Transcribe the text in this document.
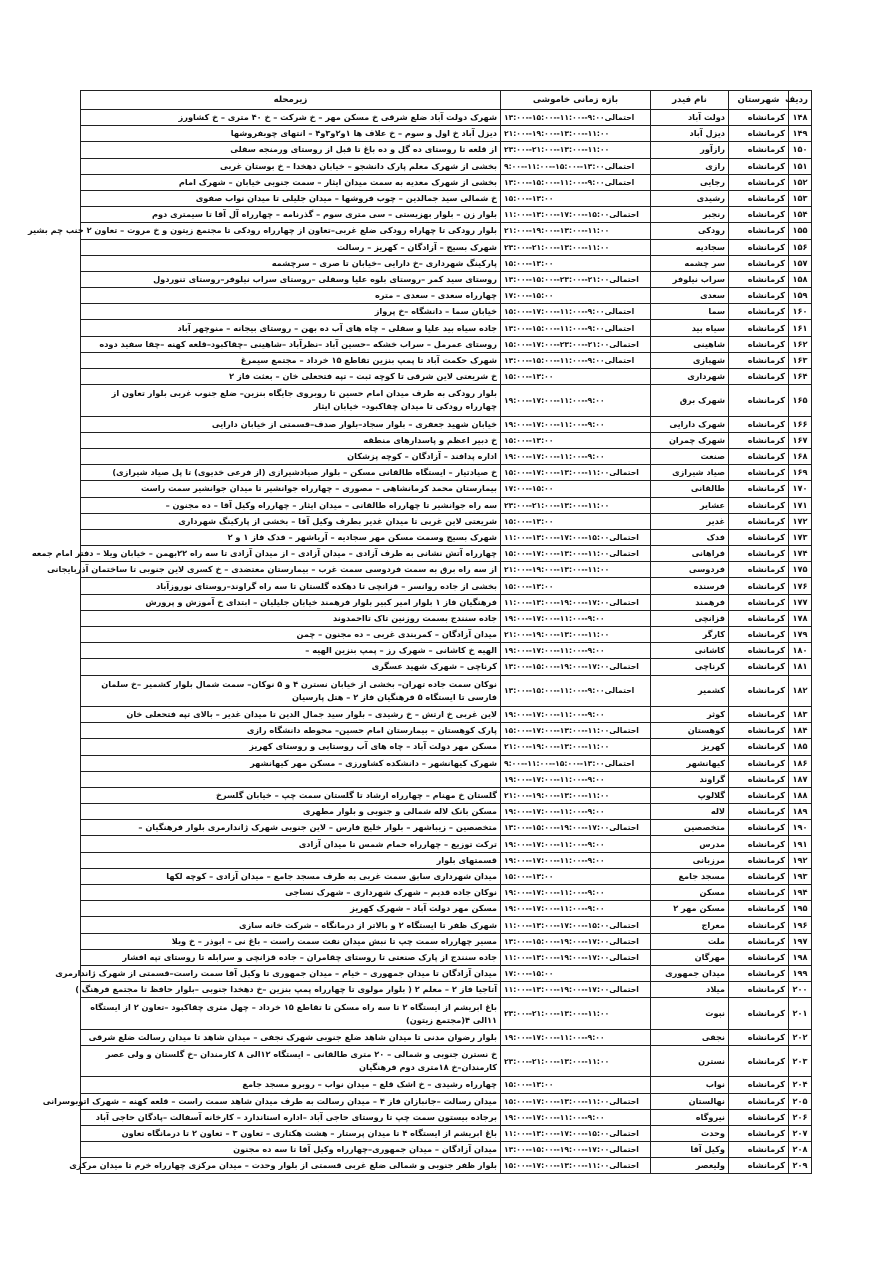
ردیف	شهرستان	نام فیدر	بازه زمانی خاموشی	زیرمحله
۱۴۸	کرمانشاه	دولت آباد	احتمالی۹:۰۰--۱۱:۰۰--۱۵:۰۰--۱۳:۰۰	شهرک دولت آباد ضلع شرقی خ مسکن مهر – خ شرکت – خ ۴۰ متری – خ کشاورز
۱۴۹	کرمانشاه	دیزل آباد	۲۱:۰۰--۱۹:۰۰--۱۳:۰۰--۱۱:۰۰	دیزل آباد خ اول و سوم – خ علاف ها ۱و۲و۳و۴ – انتهای چوبفروشها
۱۵۰	کرمانشاه	رازآور	۲۳:۰۰--۲۱:۰۰--۱۳:۰۰--۱۱:۰۰	از قلعه تا روستای ده گل و ده باغ تا قبل از روستای ورمنجه سفلی
۱۵۱	کرمانشاه	رازی	احتمالی۱۳:۰۰--۱۵:۰۰--۱۱:۰۰--۹:۰۰	بخشی از شهرک معلم پارک دانشجو – خیابان دهخدا – خ بوستان غربی
۱۵۲	کرمانشاه	رجایی	احتمالی۹:۰۰--۱۱:۰۰--۱۵:۰۰--۱۳:۰۰	بخشی از شهرک معدیه به سمت میدان ایثار – سمت جنوبی خیابان – شهرک امام
۱۵۳	کرمانشاه	رشیدی	۱۵:۰۰--۱۳:۰۰	خ شمالی سید جمالدین – چوب فروشها – میدان جلیلی تا میدان نواب صفوی
۱۵۴	کرمانشاه	رنجبر	احتمالی۱۵:۰۰--۱۷:۰۰--۱۳:۰۰--۱۱:۰۰	بلوار زن – بلوار بهزیستی – سی متری سوم – گذرنامه – چهارراه آل آقا تا سیمتری دوم
۱۵۵	کرمانشاه	رودکی	۲۱:۰۰--۱۹:۰۰--۱۳:۰۰--۱۱:۰۰	بلوار رودکی تا چهاراه رودکی ضلع غربی–تعاون از چهارراه رودکی تا مجتمع زیتون و خ مروت – تعاون ۲ جنب چم بشیر
۱۵۶	کرمانشاه	سجادیه	۲۳:۰۰--۲۱:۰۰--۱۳:۰۰--۱۱:۰۰	شهرک بسیج – آزادگان – کهریز – رسالت
۱۵۷	کرمانشاه	سر چشمه	۱۵:۰۰--۱۳:۰۰	پارکینگ شهرداری –خ دارایی –خیابان تا صری – سرچشمه
۱۵۸	کرمانشاه	سراب نیلوفر	احتمالی۲۱:۰۰--۲۳:۰۰--۱۵:۰۰--۱۳:۰۰	روستای سید کمر –روستای بلوه علیا وسفلی –روستای سراب نیلوفر–روستای تنوردول
۱۵۹	کرمانشاه	سعدی	۱۷:۰۰--۱۵:۰۰	چهارراه سعدی – سعدی – متره
۱۶۰	کرمانشاه	سما	احتمالی۹:۰۰--۱۱:۰۰--۱۷:۰۰--۱۵:۰۰	خیابان سما – دانشگاه –خ پرواز
۱۶۱	کرمانشاه	سیاه بید	احتمالی۹:۰۰--۱۱:۰۰--۱۵:۰۰--۱۳:۰۰	جاده سیاه بید علیا و سفلی – چاه های آب ده بهن – روستای بیجانه – منوچهر آباد
۱۶۲	کرمانشاه	شاهینی	احتمالی۲۱:۰۰--۲۳:۰۰--۱۷:۰۰--۱۵:۰۰	روستای عمرمل – سراب خشکه –حسین آباد –نظرآباد –شاهینی –چقاکبود–قلعه کهنه –چقا سفید دوده
۱۶۳	کرمانشاه	شهبازی	احتمالی۹:۰۰--۱۱:۰۰--۱۵:۰۰--۱۳:۰۰	شهرک حکمت آباد تا پمپ بنزین تقاطع ۱۵ خرداد – مجتمع سیمرغ
۱۶۴	کرمانشاه	شهرداری	۱۵:۰۰--۱۳:۰۰	خ شریعتی لاین شرقی تا کوچه ثبت – تپه فتحعلی خان – بعثت فاز ۲
۱۶۵	کرمانشاه	شهرک برق	۱۹:۰۰--۱۷:۰۰--۱۱:۰۰--۹:۰۰	بلوار رودکی به طرف میدان امام حسین تا روبروی جایگاه بنزین– ضلع جنوب غربی بلوار تعاون از چهارراه رودکی تا میدان چقاکبود– خیابان ایثار
۱۶۶	کرمانشاه	شهرک دارایی	۱۹:۰۰--۱۷:۰۰--۱۱:۰۰--۹:۰۰	خیابان شهید جعفری – بلوار سجاد–بلوار صدف–قسمتی از خیابان دارایی
۱۶۷	کرمانشاه	شهرک چمران	۱۵:۰۰--۱۳:۰۰	خ دبیر اعظم و پاسدارهای منطقه
۱۶۸	کرمانشاه	صنعت	۱۹:۰۰--۱۷:۰۰--۱۱:۰۰--۹:۰۰	اداره پدافند – آزادگان – کوچه پزشکان
۱۶۹	کرمانشاه	صیاد شیرازی	احتمالی۱۱:۰۰--۱۳:۰۰--۱۷:۰۰--۱۵:۰۰	خ صیادتیار – ایستگاه طالقانی مسکن – بلوار صیادشیرازی (از فرعی خدیوی) تا پل صیاد شیرازی)
۱۷۰	کرمانشاه	طالقانی	۱۷:۰۰--۱۵:۰۰	بیمارستان محمد کرمانشاهی – مصوری – چهارراه جوانشیر تا میدان جوانشیر سمت راست
۱۷۱	کرمانشاه	عشایر	۲۳:۰۰--۲۱:۰۰--۱۳:۰۰--۱۱:۰۰	سه راه جوانشیر تا چهارراه طالقانی – میدان ایثار – چهارراه وکیل آقا – ده مجنون –
۱۷۲	کرمانشاه	غدیر	۱۵:۰۰--۱۳:۰۰	شریعتی لاین غربی تا میدان غدیر بطرف وکیل آقا – بخشی از پارکینگ شهرداری
۱۷۳	کرمانشاه	فدک	احتمالی۱۵:۰۰--۱۷:۰۰--۱۳:۰۰--۱۱:۰۰	شهرک بسیج وسمت مسکن مهر سجادیه – آریاشهر – فدک فاز ۱ و ۲
۱۷۴	کرمانشاه	فراهانی	احتمالی۱۱:۰۰--۱۳:۰۰--۱۷:۰۰--۱۵:۰۰	چهارراه آتش نشانی به طرف آزادی – میدان آزادی – از میدان آزادی تا سه راه ۲۲بهمن – خیابان ویلا – دفتر امام جمعه
۱۷۵	کرمانشاه	فردوسی	۲۱:۰۰--۱۹:۰۰--۱۳:۰۰--۱۱:۰۰	از سه راه برق به سمت فردوسی سمت غرب – بیمارستان معتضدی – خ کسری لاین جنوبی تا ساختمان آذربایجانی
۱۷۶	کرمانشاه	فرسنده	۱۵:۰۰--۱۳:۰۰	بخشی از جاده روانسر – قزانچی تا دهکده گلستان تا سه راه گراوند–روستای نوروزآباد
۱۷۷	کرمانشاه	فرهمند	احتمالی۱۷:۰۰--۱۹:۰۰--۱۳:۰۰--۱۱:۰۰	فرهنگیان فاز ۱ بلوار امیر کبیر بلوار فرهمند خیابان جلیلیان – ابتدای خ آموزش و پرورش
۱۷۸	کرمانشاه	قزانچی	۱۹:۰۰--۱۷:۰۰--۱۱:۰۰--۹:۰۰	جاده سنندج بسمت روزنین تاک تااحمدوند
۱۷۹	کرمانشاه	کارگر	۲۱:۰۰--۱۹:۰۰--۱۳:۰۰--۱۱:۰۰	میدان آزادگان – کمربندی غربی – ده مجنون – چمن
۱۸۰	کرمانشاه	کاشانی	۱۹:۰۰--۱۷:۰۰--۱۱:۰۰--۹:۰۰	الهیه خ کاشانی – شهرک رز – پمپ بنزین الهیه –
۱۸۱	کرمانشاه	کرناچی	احتمالی۱۷:۰۰--۱۹:۰۰--۱۵:۰۰--۱۳:۰۰	کرناچی – شهرک شهید عسگری
۱۸۲	کرمانشاه	کشمیر	احتمالی۹:۰۰--۱۱:۰۰--۱۵:۰۰--۱۳:۰۰	نوکان سمت جاده تهران– بخشی از خیابان نسترن ۴ و ۵ نوکان– سمت شمال بلوار کشمیر –خ سلمان فارسی تا ایستگاه ۵ فرهنگیان فاز ۲ – هتل پارسیان
۱۸۳	کرمانشاه	کوثر	۱۹:۰۰--۱۷:۰۰--۱۱:۰۰--۹:۰۰	لاین غربی خ ارتش – خ رشیدی – بلوار سید جمال الدین تا میدان غدیر – بالای تپه فتحعلی خان
۱۸۴	کرمانشاه	کوهستان	احتمالی۱۱:۰۰--۱۳:۰۰--۱۷:۰۰--۱۵:۰۰	پارک کوهستان – بیمارستان امام حسین– محوطه دانشگاه رازی
۱۸۵	کرمانشاه	کهریز	۲۱:۰۰--۱۹:۰۰--۱۳:۰۰--۱۱:۰۰	مسکن مهر دولت آباد – چاه های آب روستایی و روستای کهریز
۱۸۶	کرمانشاه	کیهانشهر	احتمالی۱۳:۰۰--۱۵:۰۰--۱۱:۰۰--۹:۰۰	شهرک کیهانشهر – دانشکده کشاورزی – مسکن مهر کیهانشهر
۱۸۷	کرمانشاه	گراوند	۱۹:۰۰--۱۷:۰۰--۱۱:۰۰--۹:۰۰	
۱۸۸	کرمانشاه	گلالوپ	۲۱:۰۰--۱۹:۰۰--۱۳:۰۰--۱۱:۰۰	گلستان خ مهنام – چهارراه ارشاد تا گلستان سمت چپ – خیابان گلسرخ
۱۸۹	کرمانشاه	لاله	۱۹:۰۰--۱۷:۰۰--۱۱:۰۰--۹:۰۰	مسکن بانک لاله شمالی و جنوبی و بلوار مطهری
۱۹۰	کرمانشاه	متخصصین	احتمالی۱۷:۰۰--۱۹:۰۰--۱۵:۰۰--۱۳:۰۰	متخصصین – زیباشهر – بلوار خلیج فارس – لاین جنوبی شهرک ژاندارمری بلوار فرهنگیان –
۱۹۱	کرمانشاه	مدرس	۱۹:۰۰--۱۷:۰۰--۱۱:۰۰--۹:۰۰	ترکت توزیع – چهارراه حمام شمس تا میدان آزادی
۱۹۲	کرمانشاه	مرزبانی	۱۹:۰۰--۱۷:۰۰--۱۱:۰۰--۹:۰۰	قسمتهای بلوار
۱۹۳	کرمانشاه	مسجد جامع	۱۵:۰۰--۱۳:۰۰	میدان شهرداری سابق سمت غربی به طرف مسجد جامع – میدان آزادی – کوچه لکها
۱۹۴	کرمانشاه	مسکن	۱۹:۰۰--۱۷:۰۰--۱۱:۰۰--۹:۰۰	نوکان جاده قدیم – شهرک شهرداری – شهرک نساجی
۱۹۵	کرمانشاه	مسکن مهر ۲	۱۹:۰۰--۱۷:۰۰--۱۱:۰۰--۹:۰۰	مسکن مهر دولت آباد – شهرک کهریز
۱۹۶	کرمانشاه	معراج	احتمالی۱۵:۰۰--۱۷:۰۰--۱۳:۰۰--۱۱:۰۰	شهرک ظفر تا ایستگاه ۲ و بالاتر از درمانگاه – شرکت خانه سازی
۱۹۷	کرمانشاه	ملت	احتمالی۱۷:۰۰--۱۹:۰۰--۱۵:۰۰--۱۳:۰۰	مسیر چهارراه سمت چپ تا نبش میدان نفت سمت راست – باغ نی – ابوذر – خ ویلا
۱۹۸	کرمانشاه	مهرگان	احتمالی۱۷:۰۰--۱۹:۰۰--۱۳:۰۰--۱۱:۰۰	جاده سنندج از پارک صنعتی تا روستای چقامران – جاده قزانچی و سرابله تا روستای تپه افشار
۱۹۹	کرمانشاه	میدان جمهوری	۱۷:۰۰--۱۵:۰۰	میدان آزادگان تا میدان جمهوری – خیام – میدان جمهوری تا وکیل آقا سمت راست–قسمتی از شهرک ژاندارمری
۲۰۰	کرمانشاه	میلاد	احتمالی۱۷:۰۰--۱۹:۰۰--۱۳:۰۰--۱۱:۰۰	آتاجیا فاز ۲ – معلم ۲ ( بلوار مولوی تا چهارراه پمپ بنزین –خ دهخدا جنوبی –بلوار حافظ تا مجتمع فرهنگ )
۲۰۱	کرمانشاه	نبوت	۲۳:۰۰--۲۱:۰۰--۱۳:۰۰--۱۱:۰۰	باغ ابریشم از ایستگاه ۲ تا سه راه مسکن تا تقاطع ۱۵ خرداد – چهل متری چقاکبود –تعاون ۲ از ایستگاه ۱۱الی ۴(مجتمع زیتون)
۲۰۲	کرمانشاه	نجفی	۱۹:۰۰--۱۷:۰۰--۱۱:۰۰--۹:۰۰	بلوار رضوان مدنی تا میدان شاهد ضلع جنوبی شهرک نجفی – میدان شاهد تا میدان رسالت ضلع شرقی
۲۰۳	کرمانشاه	نسترن	۲۳:۰۰--۲۱:۰۰--۱۳:۰۰--۱۱:۰۰	خ نسترن جنوبی و شمالی – ۲۰ متری طالقانی – ایستگاه ۱۲الی ۸ کارمندان –خ گلستان و ولی عصر کارمندان–خ ۱۸متری دوم فرهنگیان
۲۰۴	کرمانشاه	نواب	۱۵:۰۰--۱۳:۰۰	چهارراه رشیدی – خ اشک قلع – میدان نواب – روبرو مسجد جامع
۲۰۵	کرمانشاه	نهالستان	احتمالی۱۱:۰۰--۱۳:۰۰--۱۷:۰۰--۱۵:۰۰	میدان رسالت –جانبازان فاز ۴ – میدان رسالت به طرف میدان شاهد سمت راست – قلعه کهنه – شهرک اتوبوسرانی
۲۰۶	کرمانشاه	نیروگاه	۱۹:۰۰--۱۷:۰۰--۱۱:۰۰--۹:۰۰	برجاده بیستون سمت چپ تا روستای حاجی آباد –اداره استاندارد – کارخانه آسفالت –پادگان حاجی آباد
۲۰۷	کرمانشاه	وحدت	احتمالی۱۵:۰۰--۱۷:۰۰--۱۳:۰۰--۱۱:۰۰	باغ ابریشم از ایستگاه ۴ تا میدان پرستار – هشت هکتاری – تعاون ۳ – تعاون ۲ تا درمانگاه تعاون
۲۰۸	کرمانشاه	وکیل آقا	احتمالی۱۷:۰۰--۱۹:۰۰--۱۵:۰۰--۱۳:۰۰	میدان آزادگان – میدان جمهوری–چهارراه وکیل آقا تا سه ده مجنون
۲۰۹	کرمانشاه	ولیعصر	احتمالی۱۱:۰۰--۱۳:۰۰--۱۷:۰۰--۱۵:۰۰	بلوار ظفر جنوبی و شمالی ضلع غربی قسمتی از بلوار وحدت – میدان مرکزی چهارراه خرم تا میدان مرکزی
